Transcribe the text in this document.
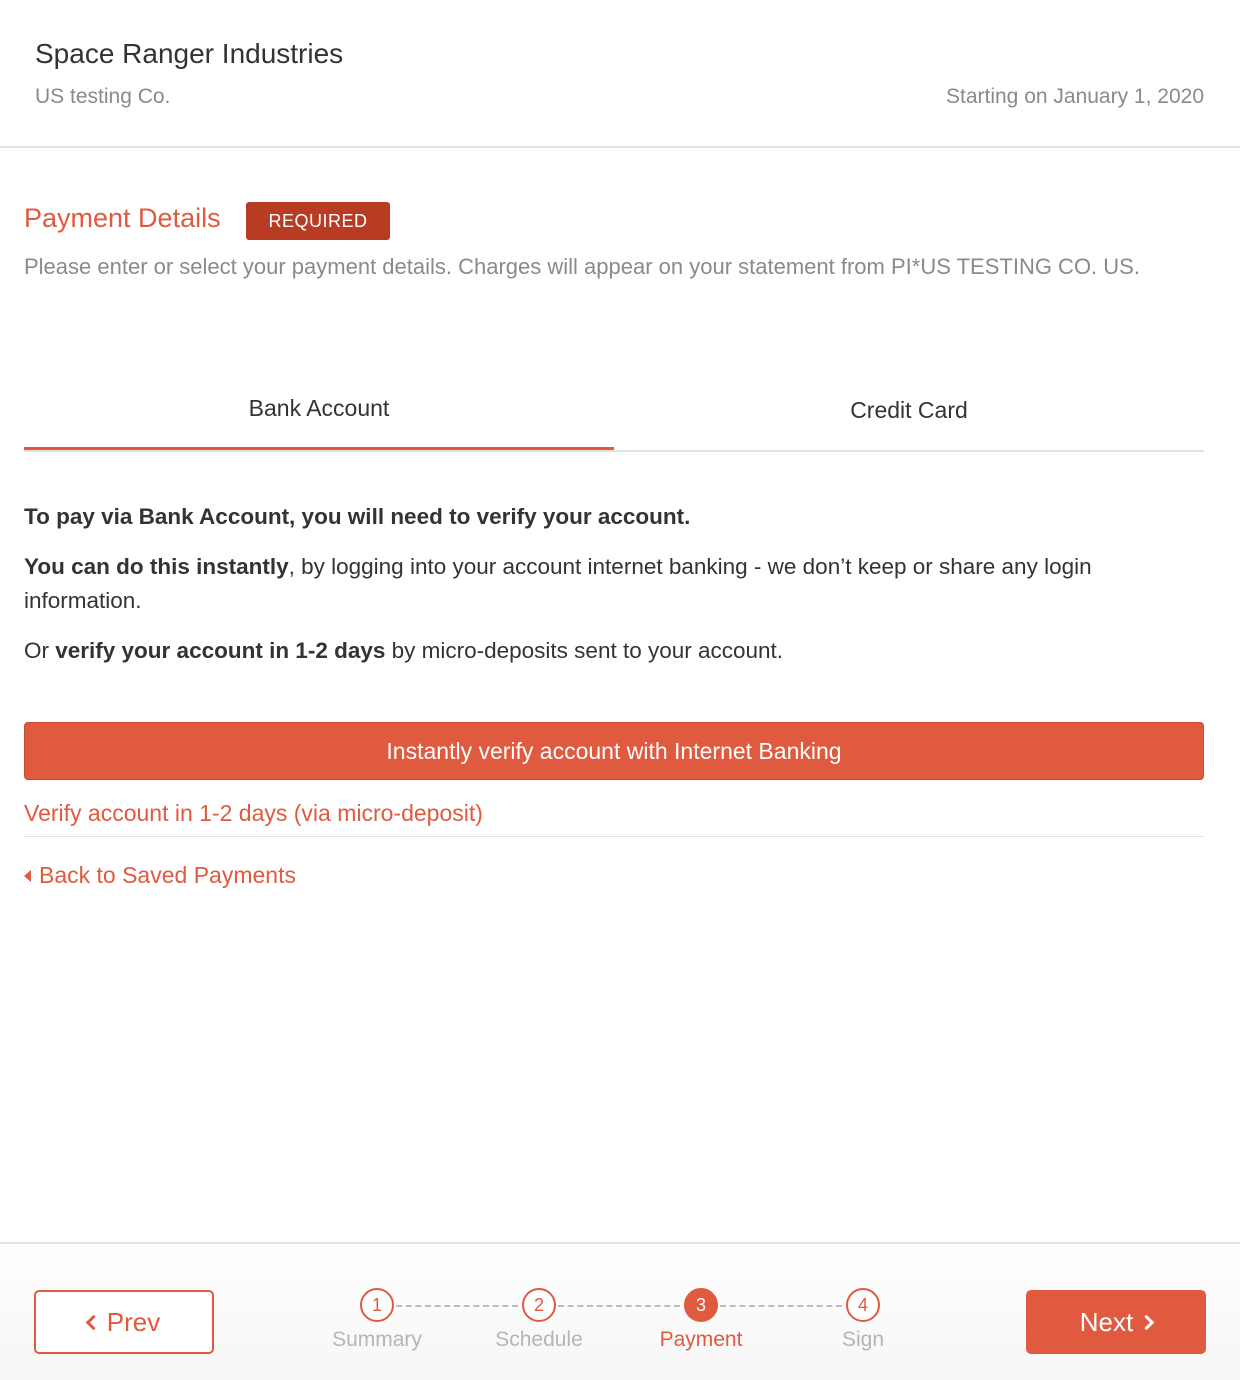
Space Ranger Industries
US testing Co.	Starting on January 1, 2020
Payment Details	REQUIRED
Please enter or select your payment details. Charges will appear on your statement from PI*US TESTING CO. US.
Bank Account	Credit Card

To pay via Bank Account, you will need to verify your account.

You can do this instantly, by logging into your account internet banking - we don’t keep or share any login information.

Or verify your account in 1-2 days by micro-deposits sent to your account.

Instantly verify account with Internet Banking
Verify account in 1-2 days (via micro-deposit)
Back to Saved Payments
Prev
1
Summary
2
Schedule
3
Payment
4
Sign
Next
